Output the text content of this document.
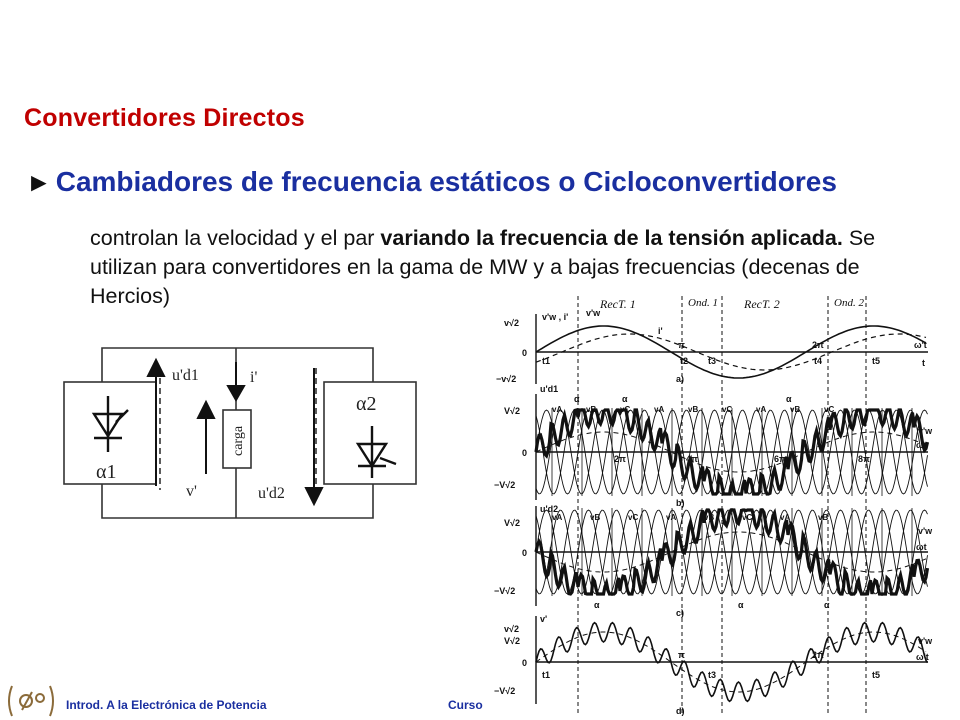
Convertidores Directos
► Cambiadores de frecuencia estáticos o Cicloconvertidores
controlan la velocidad y el par variando la frecuencia de la tensión aplicada. Se utilizan para convertidores en la gama de MW y a bajas frecuencias (decenas de Hercios)
u'd1	i'
carga
α2
α1
v'	u'd2
RecT. 1	Ond. 1 RecT. 2	Ond. 2
v√2
0
−v√2
v'w , i'
i'
v'w
ω't
t
t1
π
t2 t3
2π
t4	t5
a)
u'd1
V√2
0
−V√2
ωt
v'w
b)
2π	4π	6π	8π
α	α	α
u'd2
V√2
0
−V√2
ωt
v'w
c)
α	α	α
v'
v√2
V√2
0
−V√2
v'w
ω't
t1
π
t3
2π
t5
d)
vA	vB	vC	vA	vB	vC	vA	vB	vC
vA	vB	vC	vA	vB	vC	vA	vB
Introd. A la Electrónica de Potencia	Curso
